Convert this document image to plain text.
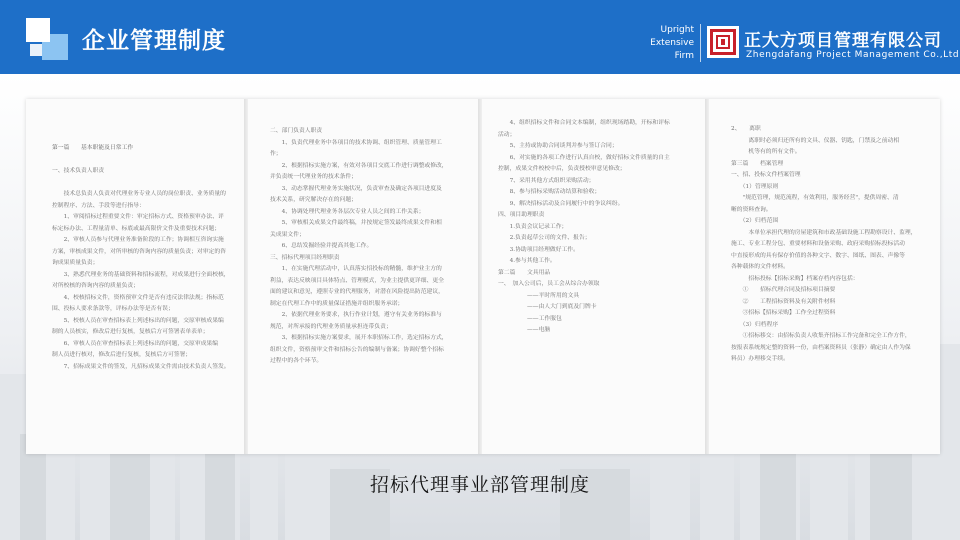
企业管理制度	Upright
Extensive
Firm
正大方项目管理有限公司
Zhengdafang Project Management Co.,Ltd

第一篇　　基本职能及日常工作

一、技术负责人职责

　　技术总负责人负责对代理业务专业人员的岗位职责、业务质量的

控制程序、方法、手段等进行指导：

　　1、审阅招标过程重要文件：审定招标方式、资格预审办法、评

标定标办法、工程量清单、标底或最高限价文件及重要技术问题；

　　2、审核人员参与代理业务准备阶段的工作；协调相互咨询实施

方案，审核成果文件，对所审核的咨询内容的质量负责；对审定的咨

询成果质量负责；

　　3、熟悉代理业务的基础资料和招标流程，对成果进行全面校核，

对所校核的咨询内容的质量负责；

　　4、校核招标文件，资格预审文件是否有违反法律法规；指标范

围、投标人要求条款等，评标办法等是否有误；

　　5、校核人员在审查招标表上列述标出的问题，交原审核成果编

制的人员核实，修改后进行复核，复核后方可签署表单表单；

　　6、审核人员在审查招标表上列述标出的问题，交原审成果编

制人员进行核对，修改后进行复核，复核后方可签署；

　　7、招标成果文件的签发，凡招标成果文件需由技术负责人签发。

二、部门负责人职责

　　1、负责代理业务中各项目的技术协调、组织管理、质量管理工

作；

　　2、根据招标实施方案，有效对各项目交底工作进行调整或修改，

并负责统一代理业务的技术条件；

　　3、动态掌握代理业务实施状况，负责审查及确定各项目进度及

技术关系，研究解决存在的问题；

　　4、协调处理代理业务各层次专业人员之间的工作关系；

　　5、审核相关成果文件最终稿，并按规定签发最终成果文件和相

关成果文件；

　　6、总结发掘经验并提高其他工作。

三、招标代理项目经理职责

　　1、在实施代理活动中，认真落实招投标的精髓，维护业主方的

利益，表达反映项目具体特点、管理模式，为业主提供更详细、更全

面的建议和意见，遵照专业的代理服务，对潜在风险提出防范建议，

制定在代理工作中的质量保证措施并组织服务承诺；

　　2、依据代理业务要求，执行作业计划，遵守有关业务的标准与

规范，对所承接的代理业务质量承担连带负责；

　　3、根据招标实施方案要求，展开本职招标工作，选定招标方式，

组织文件，资格预审文件和招标公告的编制与备案；协调好整个招标

过程中的各个环节。

　　4、组织招标文件和合同文本编制，组织现场踏勘，开标和评标

活动；

　　5、主持或协助合同谈判并参与签订合同；

　　6、对实施的各项工作进行认真自校，做好招标文件质量的自主

控制，成果文件校校中后，负责授校审意见修改；

　　7、采用其他方式组织采购活动；

　　8、参与招标采购活动结算和验收；

　　9、解决招标活动及合同履行中的争议纠纷。

四、项目助理职责

　　1.负责会议记录工作；

　　2.负责起草公司的文件、报告；

　　3.协助项目经理做好工作。

　　4.参与其他工作。

第二篇　　文具用品

一、　加入公司后，员工会从综合办领取

　　　　　——平时所用的文具

　　　　　——由人大门到底及门牌卡

　　　　　——工作服包

　　　　　——电脑

2、　　离职

　　　离职时必须归还所有的文具、仪器、钥匙，门禁及之前动相

　　　机等有的所有文件。

第三篇　　档案管理

一、招、投标文件档案管理

　　（1）管理原则

　　"规范管理，规范流程，有效利用，服务经营"，提供周密、清

晰的资料查询。

　　（2）归档范围

　　　本单位承担代理的房屋建筑和市政基础设施工程勘察设计、监理，

施工、专业工程分包、重要材料和设备采购、政府采购招标投标活动

中直接形成的具有保存价值的各种文字、数字、图纸、图表、声像等

各种载体的文件材料。

　　　招标投标【招标采购】档案存档内容包括：

　　①　　招标代理合同及招标项目摘要

　　②　　工程招标资料及有关附件材料

　　③招标【招标采购】工作全过程资料

　　（3）归档程序

　　①招标移交：由招标负责人收集齐招标工作完备和完全工作方件，

按报表系统规定整的资料一份，由档案资料员（张静）确定由人作为保

料员）办理移交手续。

招标代理事业部管理制度
